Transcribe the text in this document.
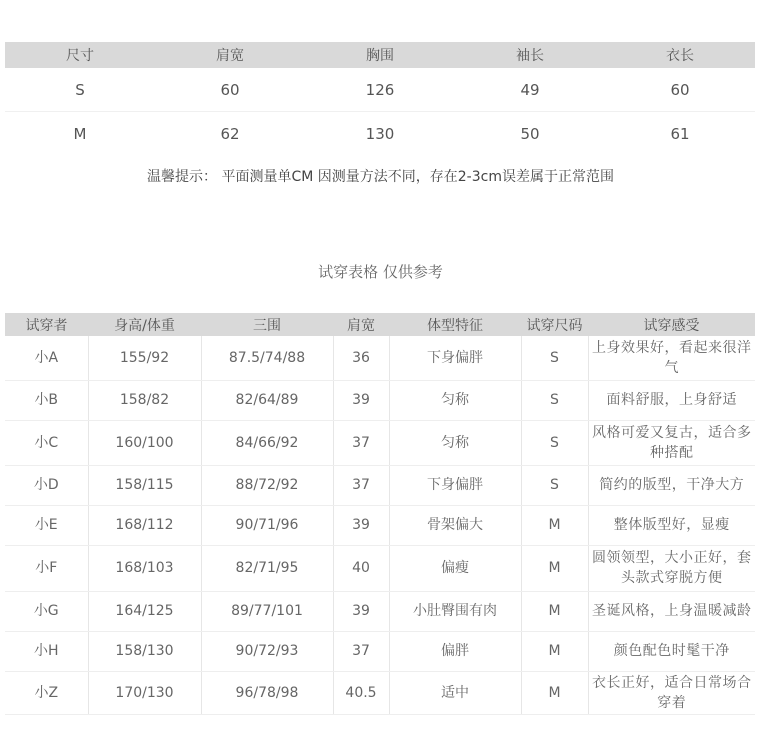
尺寸	肩宽	胸围	袖长	衣长
S	60	126	49	60
M	62	130	50	61
温馨提示： 平面测量单CM 因测量方法不同，存在2-3cm误差属于正常范围
试穿表格 仅供参考
试穿者	身高/体重	三围	肩宽	体型特征	试穿尺码	试穿感受
小A	155/92	87.5/74/88	36	下身偏胖	S	上身效果好，看起来很洋气
小B	158/82	82/64/89	39	匀称	S	面料舒服，上身舒适
小C	160/100	84/66/92	37	匀称	S	风格可爱又复古，适合多种搭配
小D	158/115	88/72/92	37	下身偏胖	S	简约的版型，干净大方
小E	168/112	90/71/96	39	骨架偏大	M	整体版型好，显瘦
小F	168/103	82/71/95	40	偏瘦	M	圆领领型，大小正好，套头款式穿脱方便
小G	164/125	89/77/101	39	小肚臀围有肉	M	圣诞风格，上身温暖减龄
小H	158/130	90/72/93	37	偏胖	M	颜色配色时髦干净
小Z	170/130	96/78/98	40.5	适中	M	衣长正好，适合日常场合穿着
